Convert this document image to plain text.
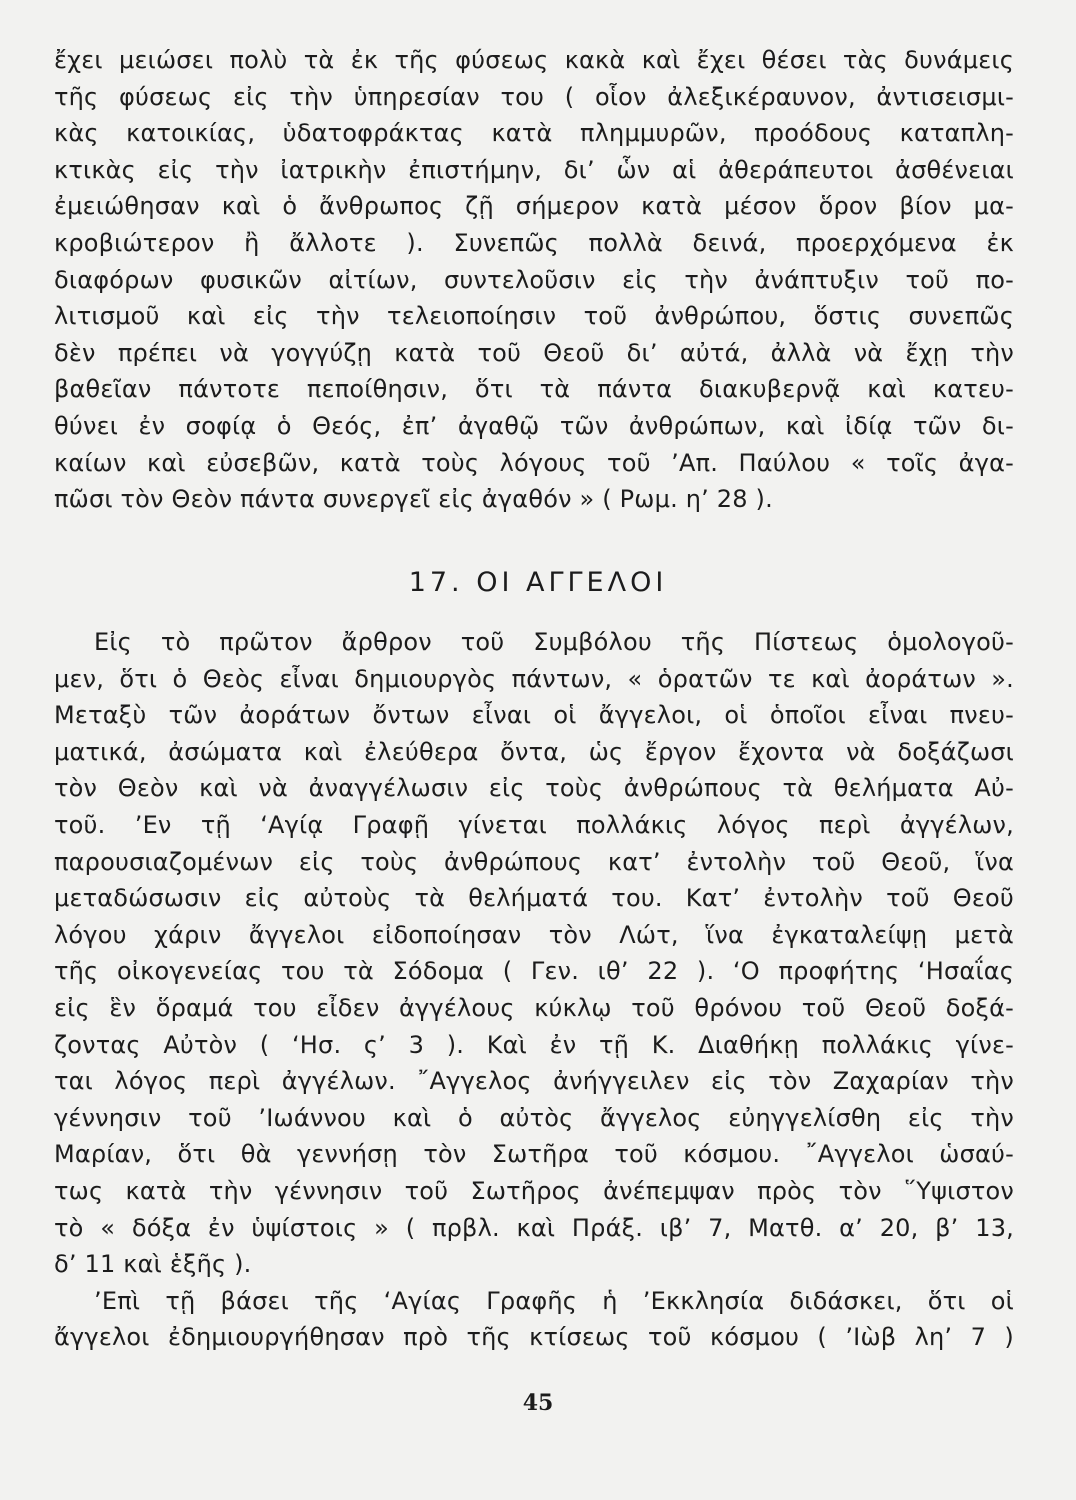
ἔχει μειώσει πολὺ τὰ ἐκ τῆς φύσεως κακὰ καὶ ἔχει θέσει τὰς δυνάμεις
τῆς φύσεως εἰς τὴν ὑπηρεσίαν του ( οἷον ἀλεξικέραυνον, ἀντισεισμι-
κὰς κατοικίας, ὑδατοφράκτας κατὰ πλημμυρῶν, προόδους καταπλη-
κτικὰς εἰς τὴν ἰατρικὴν ἐπιστήμην, δι’ ὧν αἱ ἀθεράπευτοι ἀσθένειαι
ἐμειώθησαν καὶ ὁ ἄνθρωπος ζῇ σήμερον κατὰ μέσον ὅρον βίον μα-
κροβιώτερον ἢ ἄλλοτε ). Συνεπῶς πολλὰ δεινά, προερχόμενα ἐκ
διαφόρων φυσικῶν αἰτίων, συντελοῦσιν εἰς τὴν ἀνάπτυξιν τοῦ πο-
λιτισμοῦ καὶ εἰς τὴν τελειοποίησιν τοῦ ἀνθρώπου, ὅστις συνεπῶς
δὲν πρέπει νὰ γογγύζῃ κατὰ τοῦ Θεοῦ δι’ αὐτά, ἀλλὰ νὰ ἔχῃ τὴν
βαθεῖαν πάντοτε πεποίθησιν, ὅτι τὰ πάντα διακυβερνᾷ καὶ κατευ-
θύνει ἐν σοφίᾳ ὁ Θεός, ἐπ’ ἀγαθῷ τῶν ἀνθρώπων, καὶ ἰδίᾳ τῶν δι-
καίων καὶ εὐσεβῶν, κατὰ τοὺς λόγους τοῦ ’Απ. Παύλου « τοῖς ἀγα-
πῶσι τὸν Θεὸν πάντα συνεργεῖ εἰς ἀγαθόν » ( Ρωμ. η’ 28 ).
17. ΟΙ ΑΓΓΕΛΟΙ
Εἰς τὸ πρῶτον ἄρθρον τοῦ Συμβόλου τῆς Πίστεως ὁμολογοῦ-
μεν, ὅτι ὁ Θεὸς εἶναι δημιουργὸς πάντων, « ὁρατῶν τε καὶ ἀοράτων ».
Μεταξὺ τῶν ἀοράτων ὄντων εἶναι οἱ ἄγγελοι, οἱ ὁποῖοι εἶναι πνευ-
ματικά, ἀσώματα καὶ ἐλεύθερα ὄντα, ὡς ἔργον ἔχοντα νὰ δοξάζωσι
τὸν Θεὸν καὶ νὰ ἀναγγέλωσιν εἰς τοὺς ἀνθρώπους τὰ θελήματα Αὐ-
τοῦ. ’Εν τῇ ‘Αγίᾳ Γραφῇ γίνεται πολλάκις λόγος περὶ ἀγγέλων,
παρουσιαζομένων εἰς τοὺς ἀνθρώπους κατ’ ἐντολὴν τοῦ Θεοῦ, ἵνα
μεταδώσωσιν εἰς αὐτοὺς τὰ θελήματά του. Κατ’ ἐντολὴν τοῦ Θεοῦ
λόγου χάριν ἄγγελοι εἰδοποίησαν τὸν Λώτ, ἵνα ἐγκαταλείψῃ μετὰ
τῆς οἰκογενείας του τὰ Σόδομα ( Γεν. ιθ’ 22 ). ‘Ο προφήτης ‘Ησαΐας
εἰς ἓν ὅραμά του εἶδεν ἀγγέλους κύκλῳ τοῦ θρόνου τοῦ Θεοῦ δοξά-
ζοντας Αὐτὸν ( ‘Ησ. ς’ 3 ). Καὶ ἐν τῇ Κ. Διαθήκῃ πολλάκις γίνε-
ται λόγος περὶ ἀγγέλων. ῎Αγγελος ἀνήγγειλεν εἰς τὸν Ζαχαρίαν τὴν
γέννησιν τοῦ ’Ιωάννου καὶ ὁ αὐτὸς ἄγγελος εὐηγγελίσθη εἰς τὴν
Μαρίαν, ὅτι θὰ γεννήσῃ τὸν Σωτῆρα τοῦ κόσμου. ῎Αγγελοι ὡσαύ-
τως κατὰ τὴν γέννησιν τοῦ Σωτῆρος ἀνέπεμψαν πρὸς τὸν ῞Υψιστον
τὸ « δόξα ἐν ὑψίστοις » ( πρβλ. καὶ Πράξ. ιβ’ 7, Ματθ. α’ 20, β’ 13,
δ’ 11 καὶ ἑξῆς ).
’Επὶ τῇ βάσει τῆς ‘Αγίας Γραφῆς ἡ ’Εκκλησία διδάσκει, ὅτι οἱ
ἄγγελοι ἐδημιουργήθησαν πρὸ τῆς κτίσεως τοῦ κόσμου ( ’Ιὼβ λη’ 7 )
45
